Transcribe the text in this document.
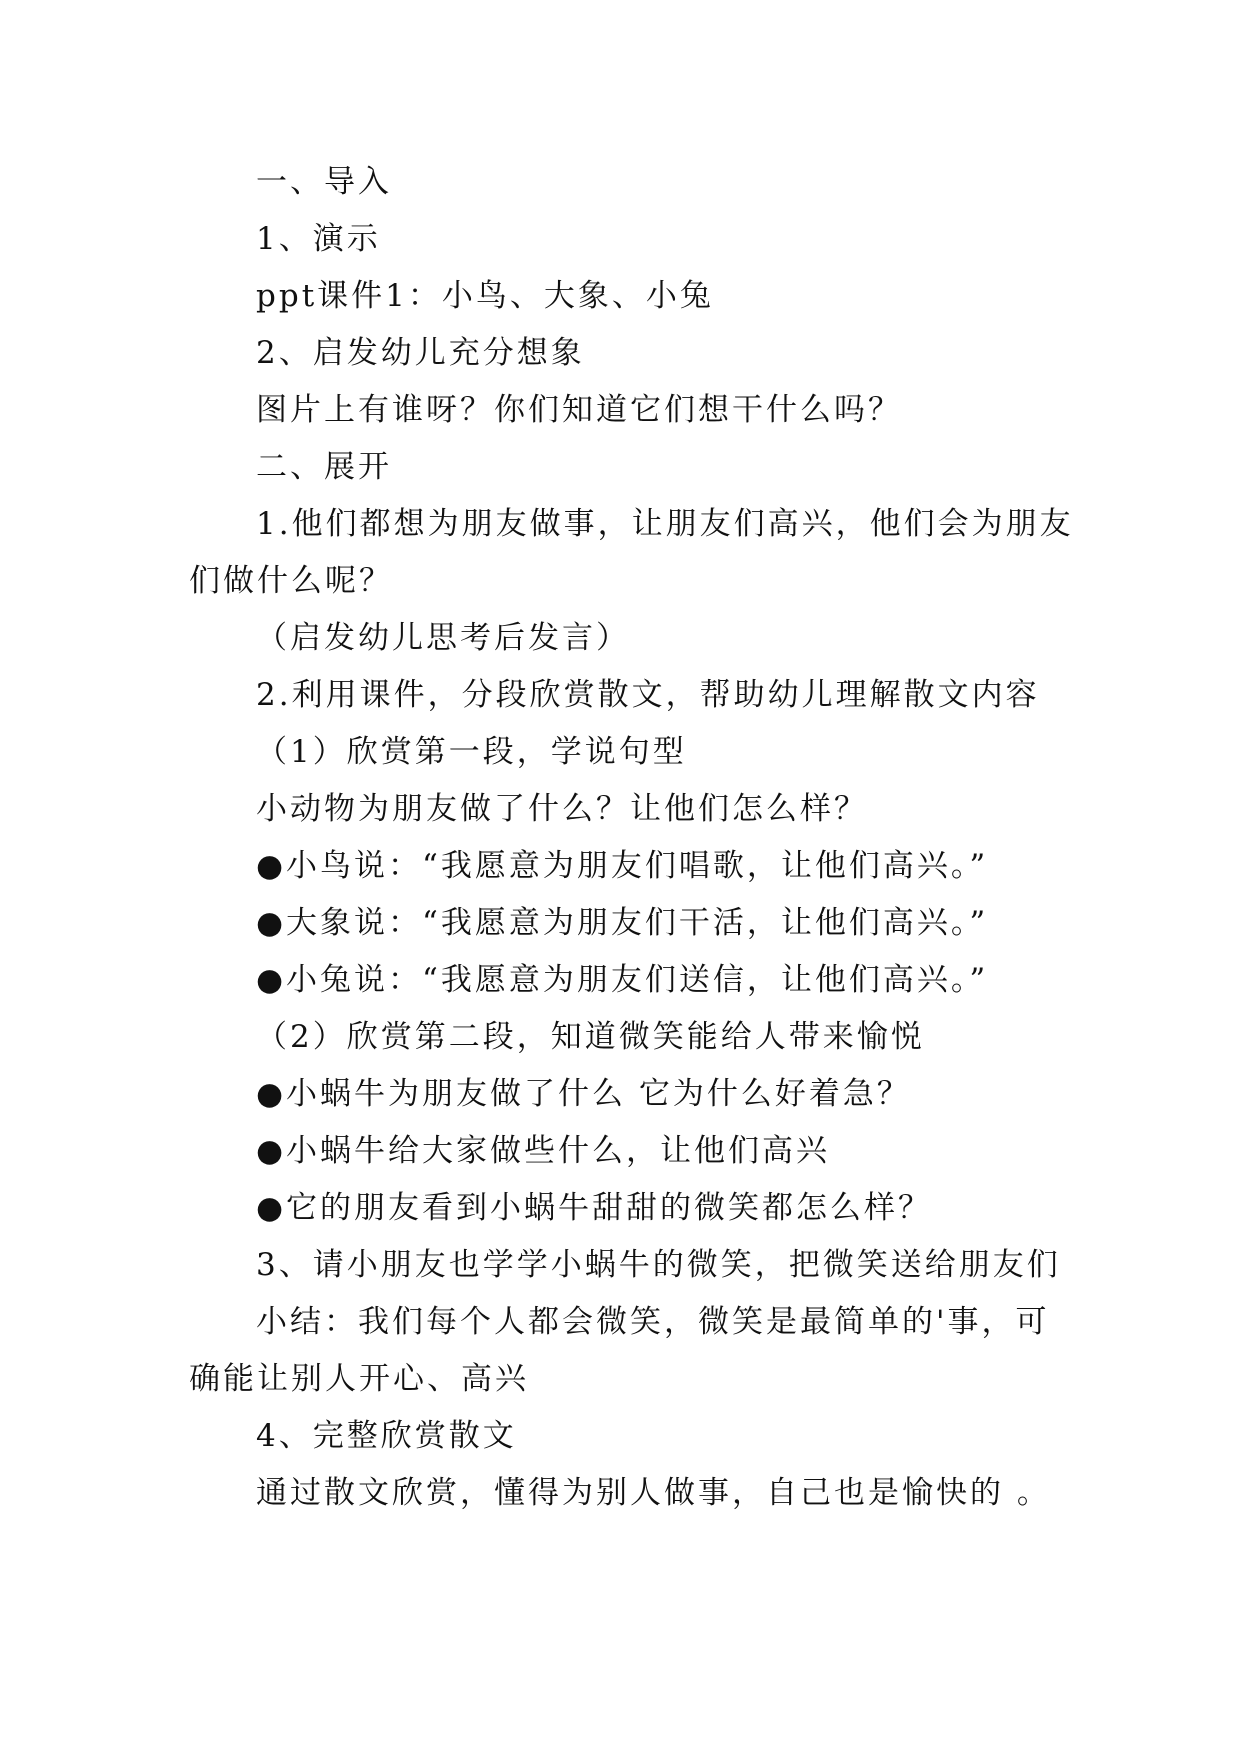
一、导入
1、演示
ppt课件1：小鸟、大象、小兔
2、启发幼儿充分想象
图片上有谁呀？你们知道它们想干什么吗？
二、展开
1.他们都想为朋友做事，让朋友们高兴，他们会为朋友
们做什么呢？
（启发幼儿思考后发言）
2.利用课件，分段欣赏散文，帮助幼儿理解散文内容
（1）欣赏第一段，学说句型
小动物为朋友做了什么？让他们怎么样？
●小鸟说：“我愿意为朋友们唱歌，让他们高兴。”
●大象说：“我愿意为朋友们干活，让他们高兴。”
●小兔说：“我愿意为朋友们送信，让他们高兴。”
（2）欣赏第二段，知道微笑能给人带来愉悦
●小蜗牛为朋友做了什么 它为什么好着急？
●小蜗牛给大家做些什么，让他们高兴
●它的朋友看到小蜗牛甜甜的微笑都怎么样？
3、请小朋友也学学小蜗牛的微笑，把微笑送给朋友们
小结：我们每个人都会微笑，微笑是最简单的'事，可
确能让别人开心、高兴
4、完整欣赏散文
通过散文欣赏，懂得为别人做事，自己也是愉快的 。
